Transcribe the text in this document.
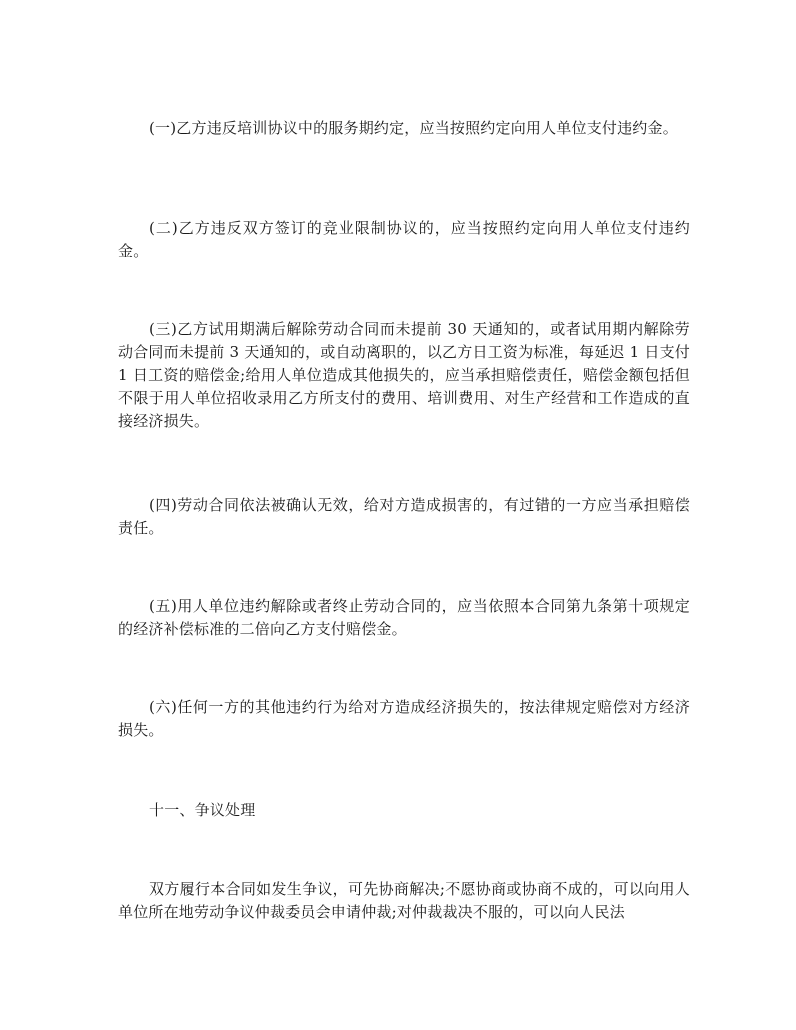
(一)乙方违反培训协议中的服务期约定，应当按照约定向用人单位支付违约金。

(二)乙方违反双方签订的竞业限制协议的，应当按照约定向用人单位支付违约金。

(三)乙方试用期满后解除劳动合同而未提前 30 天通知的，或者试用期内解除劳动合同而未提前 3 天通知的，或自动离职的，以乙方日工资为标准，每延迟 1 日支付 1 日工资的赔偿金;给用人单位造成其他损失的，应当承担赔偿责任，赔偿金额包括但不限于用人单位招收录用乙方所支付的费用、培训费用、对生产经营和工作造成的直接经济损失。

(四)劳动合同依法被确认无效，给对方造成损害的，有过错的一方应当承担赔偿责任。

(五)用人单位违约解除或者终止劳动合同的，应当依照本合同第九条第十项规定的经济补偿标准的二倍向乙方支付赔偿金。

(六)任何一方的其他违约行为给对方造成经济损失的，按法律规定赔偿对方经济损失。

十一、争议处理

双方履行本合同如发生争议，可先协商解决;不愿协商或协商不成的，可以向用人单位所在地劳动争议仲裁委员会申请仲裁;对仲裁裁决不服的，可以向人民法
